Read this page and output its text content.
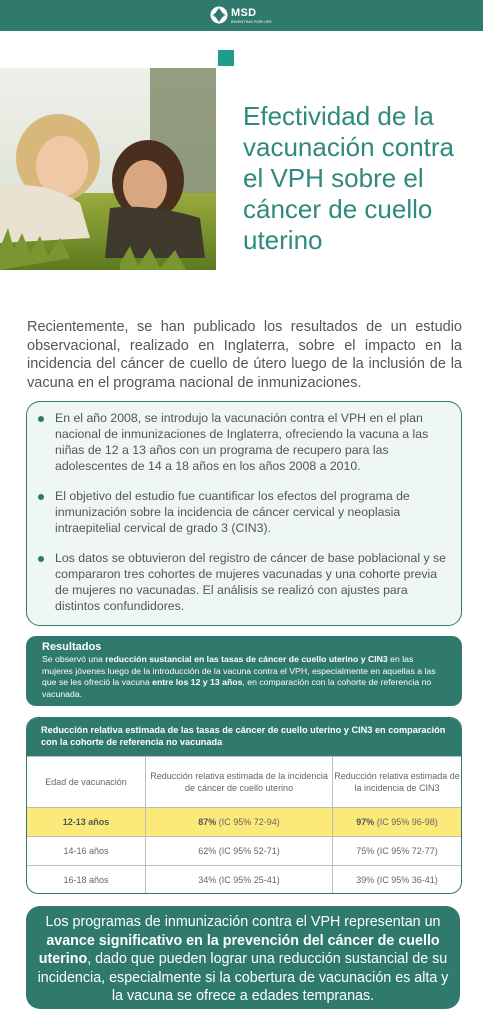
MSD
INVENTING FOR LIFE
Efectividad de la vacunación contra el VPH sobre el cáncer de cuello uterino

Recientemente, se han publicado los resultados de un estudio observacional, realizado en Inglaterra, sobre el impacto en la incidencia del cáncer de cuello de útero luego de la inclusión de la vacuna en el programa nacional de inmunizaciones.

En el año 2008, se introdujo la vacunación contra el VPH en el plan nacional de inmunizaciones de Inglaterra, ofreciendo la vacuna a las niñas de 12 a 13 años con un programa de recupero para las adolescentes de 14 a 18 años en los años 2008 a 2010.
El objetivo del estudio fue cuantificar los efectos del programa de inmunización sobre la incidencia de cáncer cervical y neoplasia intraepitelial cervical de grado 3 (CIN3).
Los datos se obtuvieron del registro de cáncer de base poblacional y se compararon tres cohortes de mujeres vacunadas y una cohorte previa de mujeres no vacunadas. El análisis se realizó con ajustes para distintos confundidores.
Resultados

Se observó una reducción sustancial en las tasas de cáncer de cuello uterino y CIN3 en las mujeres jóvenes luego de la introducción de la vacuna contra el VPH, especialmente en aquellas a las que se les ofreció la vacuna entre los 12 y 13 años, en comparación con la cohorte de referencia no vacunada.

Reducción relativa estimada de las tasas de cáncer de cuello uterino y CIN3 en comparación con la cohorte de referencia no vacunada
Edad de vacunación	Reducción relativa estimada de la incidencia de cáncer de cuello uterino	Reducción relativa estimada de la incidencia de CIN3
12-13 años	87% (IC 95% 72-94)	97% (IC 95% 96-98)
14-16 años	62% (IC 95% 52-71)	75% (IC 95% 72-77)
16-18 años	34% (IC 95% 25-41)	39% (IC 95% 36-41)
Los programas de inmunización contra el VPH representan un avance significativo en la prevención del cáncer de cuello uterino, dado que pueden lograr una reducción sustancial de su incidencia, especialmente si la cobertura de vacunación es alta y la vacuna se ofrece a edades tempranas.
